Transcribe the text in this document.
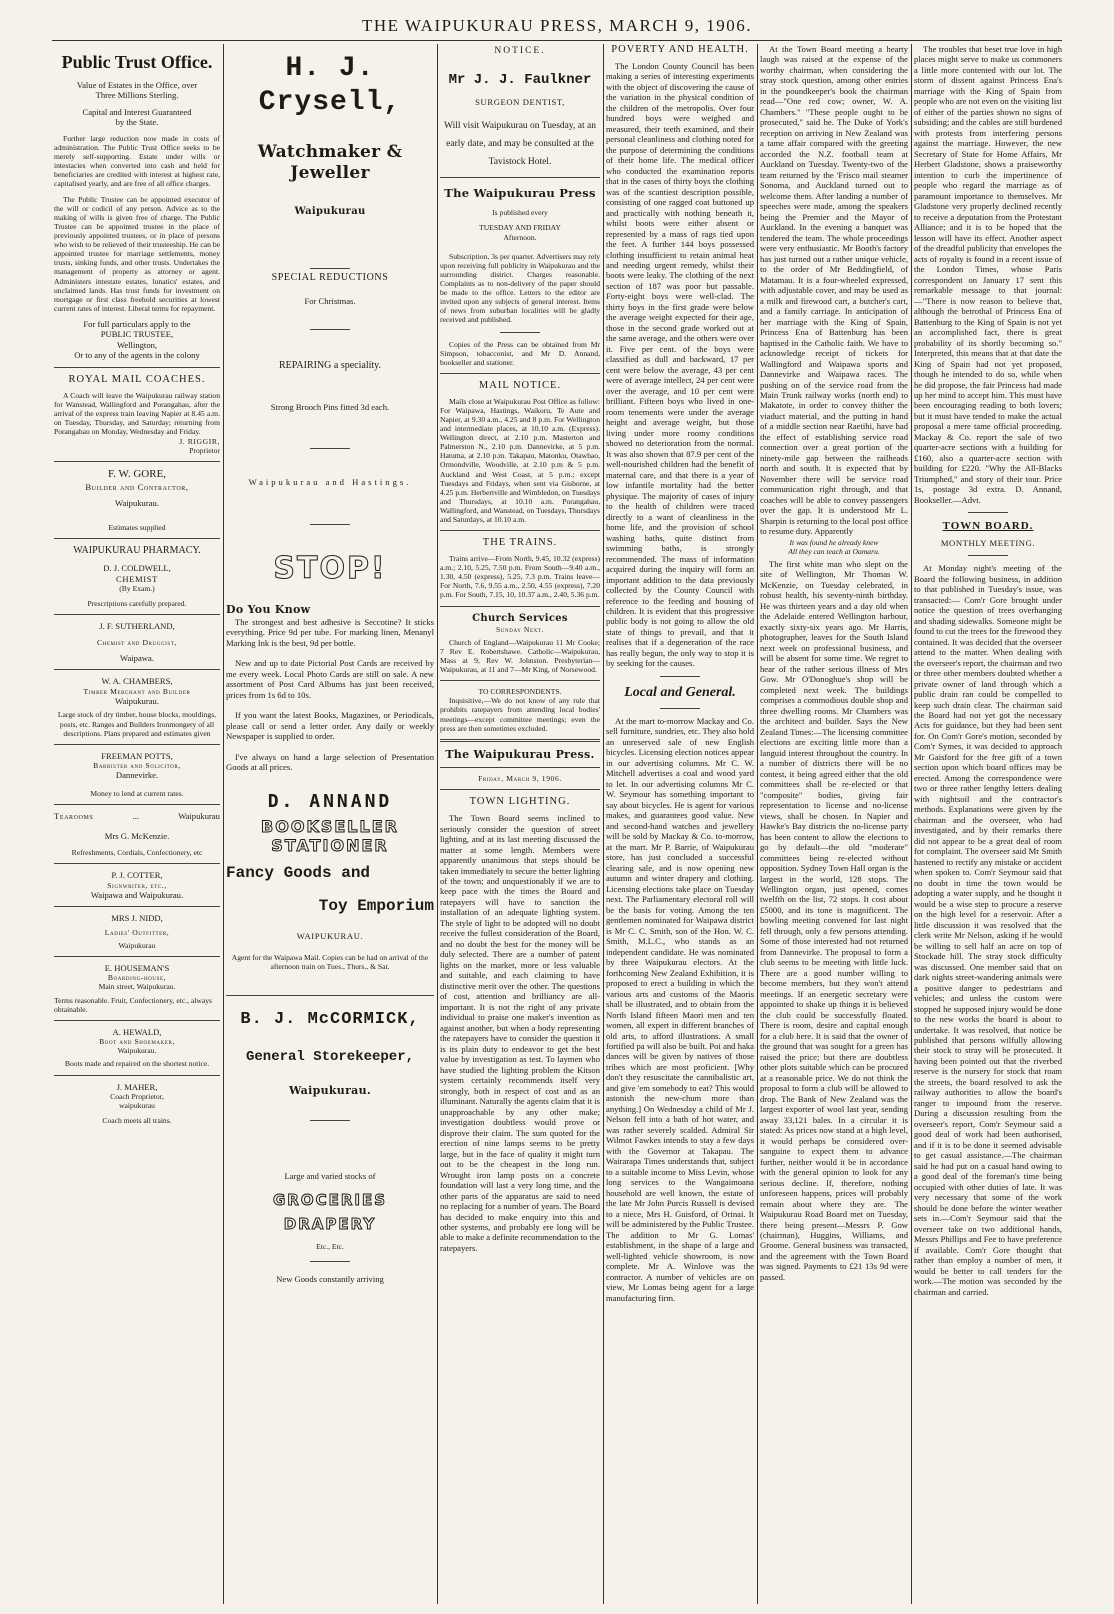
THE WAIPUKURAU PRESS, MARCH 9, 1906.
Public Trust Office.
Value of Estates in the Office, over
Three Millions Sterling.
Capital and Interest Guaranteed
by the State.
Further large reduction now made in costs of administration. The Public Trust Office seeks to be merely self-supporting. Estate under wills or intestacies when converted into cash and held for beneficiaries are credited with interest at highest rate, capitalised yearly, and are free of all office charges.
The Public Trustee can be appointed executor of the will or codicil of any person. Advice as to the making of wills is given free of charge. The Public Trustee can be appointed trustee in the place of previously appointed trustees, or in place of persons who wish to be relieved of their trusteeship. He can be appointed trustee for marriage settlements, money trusts, sinking funds, and other trusts. Undertakes the management of property as attorney or agent. Administers intestate estates, lunatics' estates, and unclaimed lands. Has trust funds for investment on mortgage or first class freehold securities at lowest current rates of interest. Liberal terms for repayment.
For full particulars apply to the
PUBLIC TRUSTEE,
Wellington,
Or to any of the agents in the colony
ROYAL MAIL COACHES.
A Coach will leave the Waipukurau railway station for Wanstead, Wallingford and Porangahau, after the arrival of the express train leaving Napier at 8.45 a.m. on Tuesday, Thursday, and Saturday; returning from Porangahau on Monday, Wednesday and Friday.
J. RIGGIR,
Proprietor
F. W. GORE,
Builder and Contractor,
Waipukurau.
Estimates supplied
WAIPUKURAU PHARMACY.
D. J. COLDWELL,
CHEMIST
(By Exam.)
Prescriptions carefully prepared.
J. F. SUTHERLAND,
Chemist and Druggist,
Waipawa.
W. A. CHAMBERS,
Timber Merchant and Builder
Waipukurau.
Large stock of dry timber, house blocks, mouldings, posts, etc. Ranges and Builders Ironmongery of all descriptions. Plans prepared and estimates given
FREEMAN POTTS,
Barrister and Solicitor,
Dannevirke.
Money to lend at current rates.
Tearooms	...	Waipukurau
Mrs G. McKenzie.
Refreshments, Cordials, Confectionery, etc
P. J. COTTER,
Signwriter, etc.,
Waipawa and Waipukurau.
MRS J. NIDD,
Ladies' Outfitter,
Waipukurau
E. HOUSEMAN'S
Boarding-house,
Main street, Waipukurau.
Terms reasonable. Fruit, Confectionery, etc., always obtainable.
A. HEWALD,
Boot and Shoemaker,
Waipukurau.
Boots made and repaired on the shortest notice.
J. MAHER,
Coach Proprietor,
waipukurau
Coach meets all trains.
H. J. Crysell,
Watchmaker & Jeweller
Waipukurau
SPECIAL REDUCTIONS
For Christmas.
REPAIRING a speciality.
Strong Brooch Pins fitted 3d each.
Waipukurau and Hastings.
STOP!
Do You Know
The strongest and best adhesive is Seccotine? It sticks everything. Price 9d per tube. For marking linen, Menanyl Marking Ink is the best, 9d per bottle.
New and up to date Pictorial Post Cards are received by me every week. Local Photo Cards are still on sale. A new assortment of Post Card Albums has just been received, prices from 1s 6d to 10s.
If you want the latest Books, Magazines, or Periodicals, please call or send a letter order. Any daily or weekly Newspaper is supplied to order.
I've always on hand a large selection of Presentation Goods at all prices.
D. ANNAND
BOOKSELLER
STATIONER
Fancy Goods and
Toy Emporium
WAIPUKURAU.
Agent for the Waipawa Mail. Copies can be had on arrival of the afternoon train on Tues., Thurs., & Sat.
B. J. McCORMICK,
General Storekeeper,
Waipukurau.
Large and varied stocks of
GROCERIES
DRAPERY
Etc., Etc.
New Goods constantly arriving
NOTICE.
Mr J. J. Faulkner
SURGEON DENTIST,
Will visit Waipukurau on Tuesday, at an early date, and may be consulted at the Tavistock Hotel.
The Waipukurau Press
Is published every
TUESDAY AND FRIDAY
Afternoon.
Subscription, 3s per quarter. Advertisers may rely upon receiving full publicity in Waipukurau and the surrounding district. Charges reasonable. Complaints as to non-delivery of the paper should be made to the office. Letters to the editor are invited upon any subjects of general interest. Items of news from suburban localities will be gladly received and published.
Copies of the Press can be obtained from Mr Simpson, tobacconist, and Mr D. Annand, bookseller and stationer.
MAIL NOTICE.
Mails close at Waipukurau Post Office as follow: For Waipawa, Hastings, Waikoru, Te Aute and Napier, at 9.30 a.m., 4.25 and 8 p.m. For Wellington and intermediate places, at 10.10 a.m. (Express). Wellington direct, at 2.10 p.m. Masterton and Palmerston N., 2.10 p.m. Dannevirke, at 5 p.m. Hatuma, at 2.10 p.m. Takapau, Matonku, Otawhao, Ormondville, Woodville, at 2.10 p.m & 5 p.m. Auckland and West Coast, at 5 p.m.; except Tuesdays and Fridays, when sent via Gisborne, at 4.25 p.m. Herbertville and Wimbledon, on Tuesdays and Thursdays, at 10.10 a.m. Porangahau, Wallingford, and Wanstead, on Tuesdays, Thursdays and Saturdays, at 10.10 a.m.
THE TRAINS.
Trains arrive—From North, 9.45, 10.32 (express) a.m.; 2.10, 5.25, 7.50 p.m. From South—9.40 a.m., 1.30, 4.50 (express), 5.25, 7.3 p.m. Trains leave—For North, 7.6, 9.55 a.m., 2.50, 4.55 (express), 7.20 p.m. For South, 7.15, 10, 10.37 a.m., 2.40, 5.36 p.m.
Church Services
Sunday Next.
Church of England—Waipukurau 11 Mr Cooke; 7 Rev E. Robertshawe. Catholic—Waipukurau, Mass at 9, Rev W. Johnston. Presbyterian—Waipukurau, at 11 and 7—Mr King, of Norsewood.
TO CORRESPONDENTS.
Inquisitive,—We do not know of any rule that prohibits ratepayers from attending local bodies' meetings—except committee meetings; even the press are then sometimes excluded.
The Waipukurau Press.
Friday, March 9, 1906.
TOWN LIGHTING.
The Town Board seems inclined to seriously consider the question of street lighting, and at its last meeting discussed the matter at some length. Members were apparently unanimous that steps should be taken immediately to secure the better lighting of the town; and unquestionably if we are to keep pace with the times the Board and ratepayers will have to sanction the installation of an adequate lighting system. The style of light to be adopted will no doubt receive the fullest consideration of the Board, and no doubt the best for the money will be duly selected. There are a number of patent lights on the market, more or less valuable and suitable, and each claiming to have distinctive merit over the other. The questions of cost, attention and brilliancy are all-important. It is not the right of any private individual to praise one maker's invention as against another, but when a body representing the ratepayers have to consider the question it is its plain duty to endeavor to get the best value by investigation as test. To laymen who have studied the lighting problem the Kitson system certainly recommends itself very strongly, both in respect of cost and as an illuminant. Naturally the agents claim that it is unapproachable by any other make; investigation doubtless would prove or disprove their claim. The sum quoted for the erection of nine lamps seems to be pretty large, but in the face of quality it might turn out to be the cheapest in the long run. Wrought iron lamp posts on a concrete foundation will last a very long time, and the other parts of the apparatus are said to need no replacing for a number of years. The Board has decided to make enquiry into this and other systems, and probably ere long will be able to make a definite recommendation to the ratepayers.
POVERTY AND HEALTH.
The London County Council has been making a series of interesting experiments with the object of discovering the cause of the variation in the physical condition of the children of the metropolis. Over four hundred boys were weighed and measured, their teeth examined, and their personal cleanliness and clothing noted for the purpose of determining the conditions of their home life. The medical officer who conducted the examination reports that in the cases of thirty boys the clothing was of the scantiest description possible, consisting of one ragged coat buttoned up and practically with nothing beneath it, whilst boots were either absent or represented by a mass of rags tied upon the feet. A further 144 boys possessed clothing insufficient to retain animal heat and needing urgent remedy, whilst their boots were leaky. The clothing of the next section of 187 was poor but passable. Forty-eight boys were well-clad. The thirty boys in the first grade were below the average weight expected for their age, those in the second grade worked out at the same average, and the others were over it. Five per cent. of the boys were classified as dull and backward, 17 per cent were below the average, 43 per cent were of average intellect, 24 per cent were over the average, and 10 per cent were brilliant. Fifteen boys who lived in one-room tenements were under the average height and average weight, but those living under more roomy conditions showed no deterioration from the normal. It was also shown that 87.9 per cent of the well-nourished children had the benefit of maternal care, and that there is a year of low infantile mortality had the better physique. The majority of cases of injury to the health of children were traced directly to a want of cleanliness in the home life, and the provision of school washing baths, quite distinct from swimming baths, is strongly recommended. The mass of information acquired during the inquiry will form an important addition to the data previously collected by the County Council with reference to the feeding and housing of children. It is evident that this progressive public body is not going to allow the old state of things to prevail, and that it realises that if a degeneration of the race has really begun, the only way to stop it is by seeking for the causes.
Local and General.
At the mart to-morrow Mackay and Co. sell furniture, sundries, etc. They also hold an unreserved sale of new English bicycles. Licensing election notices appear in our advertising columns. Mr C. W. Mitchell advertises a coal and wood yard to let. In our advertising columns Mr C. W. Seymour has something important to say about bicycles. He is agent for various makes, and guarantees good value. New and second-hand watches and jewellery will be sold by Mackay & Co. to-morrow, at the mart. Mr P. Barrie, of Waipukurau store, has just concluded a successful clearing sale, and is now opening new autumn and winter drapery and clothing. Licensing elections take place on Tuesday next. The Parliamentary electoral roll will be the basis for voting. Among the ten gentlemen nominated for Waipawa district is Mr C. C. Smith, son of the Hon. W. C. Smith, M.L.C., who stands as an independent candidate. He was nominated by three Waipukurau electors. At the forthcoming New Zealand Exhibition, it is proposed to erect a building in which the various arts and customs of the Maoris shall be illustrated, and to obtain from the North Island fifteen Maori men and ten women, all expert in different branches of old arts, to afford illustrations. A small fortified pa will also be built. Poi and haka dances will be given by natives of those tribes which are most proficient. [Why don't they resuscitate the cannibalistic art, and give 'em somebody to eat? This would astonish the new-chum more than anything.] On Wednesday a child of Mr J. Nelson fell into a bath of hot water, and was rather severely scalded. Admiral Sir Wilmot Fawkes intends to stay a few days with the Governor at Takapau. The Wairarapa Times understands that, subject to a suitable income to Miss Levin, whose long services to the Wangaimoana household are well known, the estate of the late Mr John Purcis Russell is devised to a niece, Mrs H. Guisford, of Orinai. It will be administered by the Public Trustee. The addition to Mr G. Lomas' establishment, in the shape of a large and well-lighted vehicle showroom, is now complete. Mr A. Winlove was the contractor. A number of vehicles are on view, Mr Lomas being agent for a large manufacturing firm.
At the Town Board meeting a hearty laugh was raised at the expense of the worthy chairman, when considering the stray stock question, among other entries in the poundkeeper's book the chairman read—"One red cow; owner, W. A. Chambers." "These people ought to be prosecuted," said he. The Duke of York's reception on arriving in New Zealand was a tame affair compared with the greeting accorded the N.Z. football team at Auckland on Tuesday. Twenty-two of the team returned by the 'Frisco mail steamer Sonoma, and Auckland turned out to welcome them. After landing a number of speeches were made, among the speakers being the Premier and the Mayor of Auckland. In the evening a banquet was tendered the team. The whole proceedings were very enthusiastic. Mr Booth's factory has just turned out a rather unique vehicle, to the order of Mr Beddingfield, of Matamau. It is a four-wheeled expressed, with adjustable cover, and may be used as a milk and firewood cart, a butcher's cart, and a family carriage. In anticipation of her marriage with the King of Spain, Princess Ena of Battenburg has been baptised in the Catholic faith. We have to acknowledge receipt of tickets for Wallingford and Waipawa sports and Dannevirke and Waipawa races. The pushing on of the service road from the Main Trunk railway works (north end) to Makatote, in order to convey thither the viaduct material, and the putting in hand of a middle section near Raetihi, have had the effect of establishing service road connection over a great portion of the ninety-mile gap between the railheads north and south. It is expected that by November there will be service road communication right through, and that coaches will be able to convey passengers over the gap. It is understood Mr L. Sharpin is returning to the local post office to resume duty. Apparently
It was found he already knew
All they can teach at Oamaru.
The first white man who slept on the site of Wellington, Mr Thomas W. McKenzie, on Tuesday celebrated, in robust health, his seventy-ninth birthday. He was thirteen years and a day old when the Adelaide entered Wellington harbour, exactly sixty-six years ago. Mr Harris, photographer, leaves for the South Island next week on professional business, and will be absent for some time. We regret to hear of the rather serious illness of Mrs Gow. Mr O'Donoghue's shop will be completed next week. The buildings comprises a commodious double shop and three dwelling rooms. Mr Chambers was the architect and builder. Says the New Zealand Times:—The licensing committee elections are exciting little more than a languid interest throughout the country. In a number of districts there will be no contest, it being agreed either that the old committees shall be re-elected or that "composite" bodies, giving fair representation to license and no-license views, shall be chosen. In Napier and Hawke's Bay districts the no-license party has been content to allow the elections to go by default—the old "moderate" committees being re-elected without opposition. Sydney Town Hall organ is the largest in the world, 128 stops. The Wellington organ, just opened, comes twelfth on the list, 72 stops. It cost about £5000, and its tone is magnificent. The bowling meeting convened for last night fell through, only a few persons attending. Some of those interested had not returned from Dannevirke. The proposal to form a club seems to be meeting with little luck. There are a good number willing to become members, but they won't attend meetings. If an energetic secretary were appointed to shake up things it is believed the club could be successfully floated. There is room, desire and capital enough for a club here. It is said that the owner of the ground that was sought for a green has raised the price; but there are doubtless other plots suitable which can be procured at a reasonable price. We do not think the proposal to form a club will be allowed to drop. The Bank of New Zealand was the largest exporter of wool last year, sending away 33,121 bales. In a circular it is stated: As prices now stand at a high level, it would perhaps be considered over-sanguine to expect them to advance further, neither would it be in accordance with the general opinion to look for any serious decline. If, therefore, nothing unforeseen happens, prices will probably remain about where they are. The Waipukurau Road Board met on Tuesday, there being present—Messrs P. Gow (chairman), Huggins, Williams, and Groome. General business was transacted, and the agreement with the Town Board was signed. Payments to £21 13s 9d were passed.
The troubles that beset true love in high places might serve to make us commoners a little more contented with our lot. The storm of dissent against Princess Ena's marriage with the King of Spain from people who are not even on the visiting list of either of the parties shown no signs of subsiding; and the cables are still burdened with protests from interfering persons against the marriage. However, the new Secretary of State for Home Affairs, Mr Herbert Gladstone, shows a praiseworthy intention to curb the impertinence of people who regard the marriage as of paramount importance to themselves. Mr Gladstone very properly declined recently to receive a deputation from the Protestant Alliance; and it is to be hoped that the lesson will have its effect. Another aspect of the dreadful publicity that envelopes the acts of royalty is found in a recent issue of the London Times, whose Paris correspondent on January 17 sent this remarkable message to that journal:—"There is now reason to believe that, although the betrothal of Princess Ena of Battenburg to the King of Spain is not yet an accomplished fact, there is great probability of its shortly becoming so." Interpreted, this means that at that date the King of Spain had not yet proposed, though he intended to do so, while when he did propose, the fair Princess had made up her mind to accept him. This must have been encouraging reading to both lovers; but it must have tended to make the actual proposal a mere tame official proceeding. Mackay & Co. report the sale of two quarter-acre sections with a building for £160, also a quarter-acre section with building for £220. "Why the All-Blacks Triumphed," and story of their tour. Price 1s, postage 3d extra. D. Annand, Bookseller.—Advt.
TOWN BOARD.
MONTHLY MEETING.
At Monday night's meeting of the Board the following business, in addition to that published in Tuesday's issue, was transacted:— Com'r Gore brought under notice the question of trees overhanging and shading sidewalks. Someone might be found to cut the trees for the firewood they contained. It was decided that the overseer attend to the matter. When dealing with the overseer's report, the chairman and two or three other members doubted whether a private owner of land through which a public drain ran could be compelled to keep such drain clear. The chairman said the Board had not yet got the necessary Acts for guidance, but they had been sent for. On Com'r Gore's motion, seconded by Com'r Symes, it was decided to approach Mr Gaisford for the free gift of a town section upon which board offices may be erected. Among the correspondence were two or three rather lengthy letters dealing with nightsoil and the contractor's methods. Explanations were given by the chairman and the overseer, who had investigated, and by their remarks there did not appear to be a great deal of room for complaint. The overseer said Mr Smith hastened to rectify any mistake or accident when spoken to. Com'r Seymour said that no doubt in time the town would be adopting a water supply, and he thought it would be a wise step to procure a reserve on the high level for a reservoir. After a little discussion it was resolved that the clerk write Mr Nelson, asking if he would be willing to sell half an acre on top of Stockade hill. The stray stock difficulty was discussed. One member said that on dark nights street-wandering animals were a positive danger to pedestrians and vehicles; and unless the custom were stopped he supposed injury would be done to the new works the board is about to undertake. It was resolved, that notice be published that persons wilfully allowing their stock to stray will be prosecuted. It having been pointed out that the riverbed reserve is the nursery for stock that roam the streets, the board resolved to ask the railway authorities to allow the board's ranger to impound from the reserve. During a discussion resulting from the overseer's report, Com'r Seymour said a good deal of work had been authorised, and if it is to be done it seemed advisable to get casual assistance.—The chairman said he had put on a casual hand owing to a good deal of the foreman's time being occupied with other duties of late. It was very necessary that some of the work should be done before the winter weather sets in.—Com'r Seymour said that the overseer take on two additional hands, Messrs Phillips and Fee to have preference if available. Com'r Gore thought that rather than employ a number of men, it would be better to call tenders for the work.—The motion was seconded by the chairman and carried.
